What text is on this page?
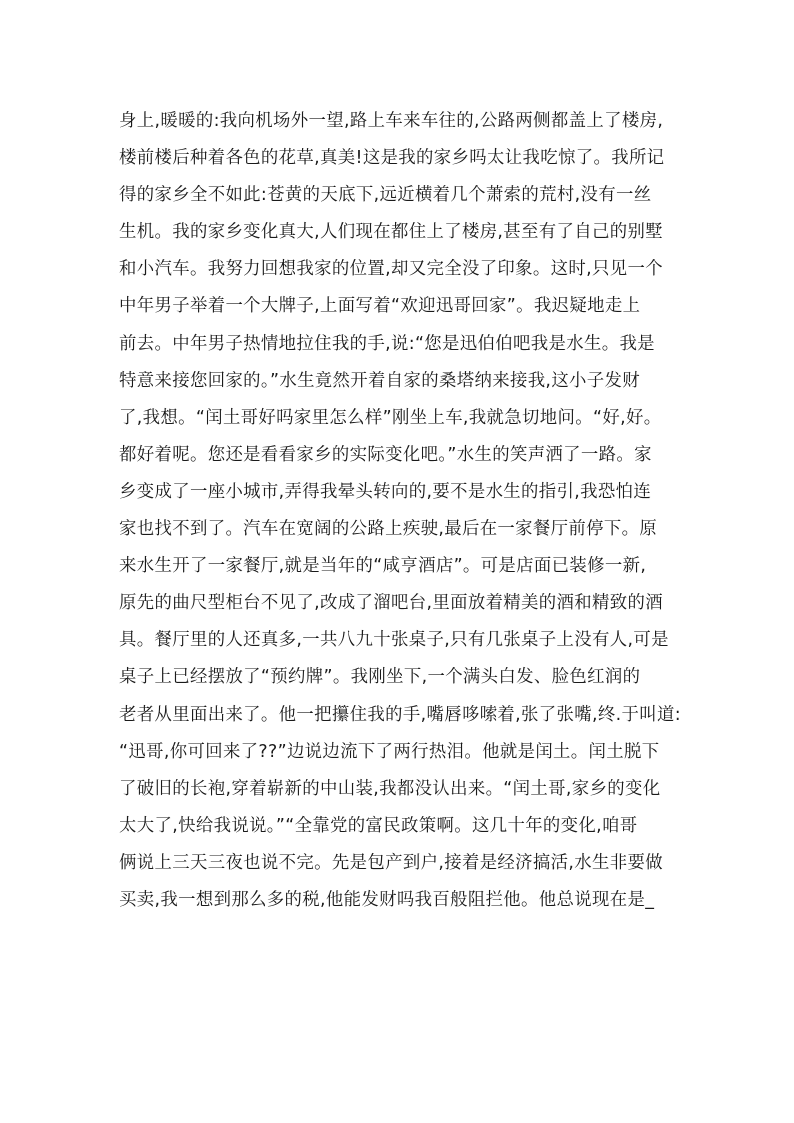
身上,暖暖的:我向机场外一望,路上车来车往的,公路两侧都盖上了楼房,
楼前楼后种着各色的花草,真美!这是我的家乡吗太让我吃惊了。我所记
得的家乡全不如此:苍黄的天底下,远近横着几个萧索的荒村,没有一丝
生机。我的家乡变化真大,人们现在都住上了楼房,甚至有了自己的别墅
和小汽车。我努力回想我家的位置,却又完全没了印象。这时,只见一个
中年男子举着一个大牌子,上面写着“欢迎迅哥回家”。我迟疑地走上
前去。中年男子热情地拉住我的手,说:“您是迅伯伯吧我是水生。我是
特意来接您回家的。”水生竟然开着自家的桑塔纳来接我,这小子发财
了,我想。“闰土哥好吗家里怎么样”刚坐上车,我就急切地问。“好,好。
都好着呢。您还是看看家乡的实际变化吧。”水生的笑声洒了一路。家
乡变成了一座小城市,弄得我晕头转向的,要不是水生的指引,我恐怕连
家也找不到了。汽车在宽阔的公路上疾驶,最后在一家餐厅前停下。原
来水生开了一家餐厅,就是当年的“咸亨酒店”。可是店面已装修一新,
原先的曲尺型柜台不见了,改成了溜吧台,里面放着精美的酒和精致的酒
具。餐厅里的人还真多,一共八九十张桌子,只有几张桌子上没有人,可是
桌子上已经摆放了“预约牌”。我刚坐下,一个满头白发、脸色红润的
老者从里面出来了。他一把攥住我的手,嘴唇哆嗦着,张了张嘴,终.于叫道:
“迅哥,你可回来了??”边说边流下了两行热泪。他就是闰土。闰土脱下
了破旧的长袍,穿着崭新的中山装,我都没认出来。“闰土哥,家乡的变化
太大了,快给我说说。”“全靠党的富民政策啊。这几十年的变化,咱哥
俩说上三天三夜也说不完。先是包产到户,接着是经济搞活,水生非要做
买卖,我一想到那么多的税,他能发财吗我百般阻拦他。他总说现在是_
